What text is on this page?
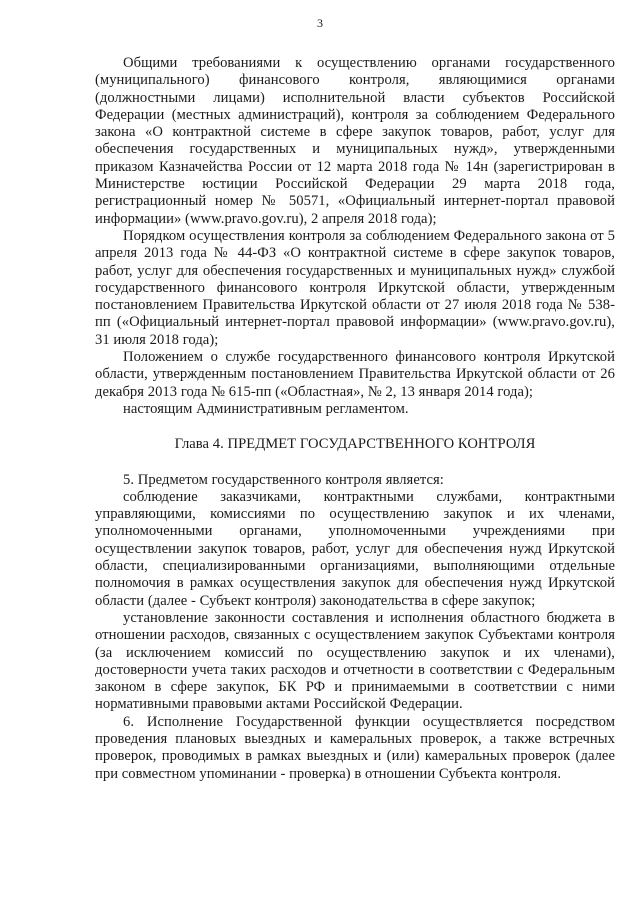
3

Общими требованиями к осуществлению органами государственного (муниципального) финансового контроля, являющимися органами (должностными лицами) исполнительной власти субъектов Российской Федерации (местных администраций), контроля за соблюдением Федерального закона «О контрактной системе в сфере закупок товаров, работ, услуг для обеспечения государственных и муниципальных нужд», утвержденными приказом Казначейства России от 12 марта 2018 года № 14н (зарегистрирован в Министерстве юстиции Российской Федерации 29 марта 2018 года, регистрационный номер № 50571, «Официальный интернет-портал правовой информации» (www.pravo.gov.ru), 2 апреля 2018 года);

Порядком осуществления контроля за соблюдением Федерального закона от 5 апреля 2013 года № 44-ФЗ «О контрактной системе в сфере закупок товаров, работ, услуг для обеспечения государственных и муниципальных нужд» службой государственного финансового контроля Иркутской области, утвержденным постановлением Правительства Иркутской области от 27 июля 2018 года № 538-пп («Официальный интернет-портал правовой информации» (www.pravo.gov.ru), 31 июля 2018 года);

Положением о службе государственного финансового контроля Иркутской области, утвержденным постановлением Правительства Иркутской области от 26 декабря 2013 года № 615-пп («Областная», № 2, 13 января 2014 года);

настоящим Административным регламентом.

Глава 4. ПРЕДМЕТ ГОСУДАРСТВЕННОГО КОНТРОЛЯ

5. Предметом государственного контроля является:

соблюдение заказчиками, контрактными службами, контрактными управляющими, комиссиями по осуществлению закупок и их членами, уполномоченными органами, уполномоченными учреждениями при осуществлении закупок товаров, работ, услуг для обеспечения нужд Иркутской области, специализированными организациями, выполняющими отдельные полномочия в рамках осуществления закупок для обеспечения нужд Иркутской области (далее - Субъект контроля) законодательства в сфере закупок;

установление законности составления и исполнения областного бюджета в отношении расходов, связанных с осуществлением закупок Субъектами контроля (за исключением комиссий по осуществлению закупок и их членами), достоверности учета таких расходов и отчетности в соответствии с Федеральным законом в сфере закупок, БК РФ и принимаемыми в соответствии с ними нормативными правовыми актами Российской Федерации.

6. Исполнение Государственной функции осуществляется посредством проведения плановых выездных и камеральных проверок, а также встречных проверок, проводимых в рамках выездных и (или) камеральных проверок (далее при совместном упоминании - проверка) в отношении Субъекта контроля.
